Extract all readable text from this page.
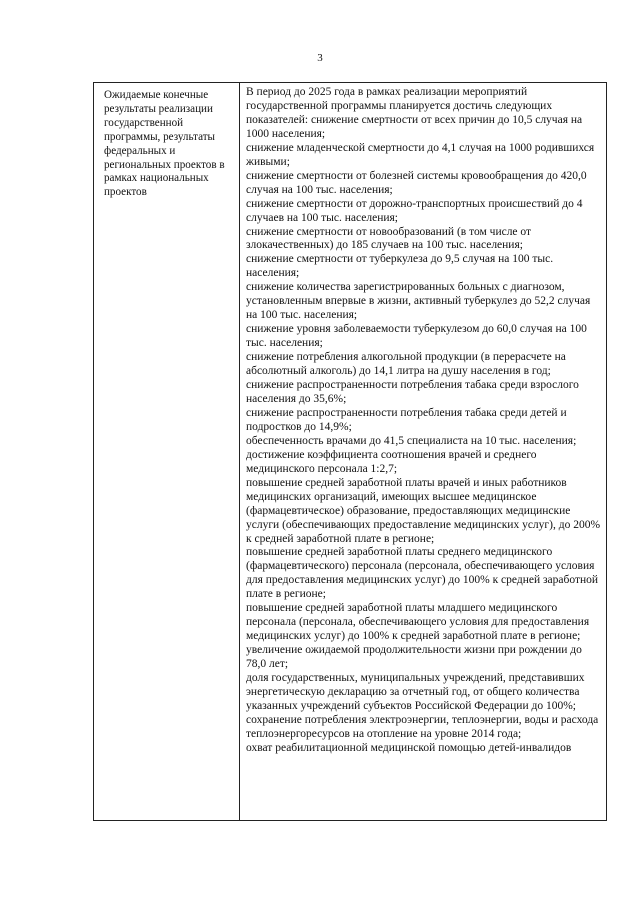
3
Ожидаемые конечные результаты реализации государственной программы, результаты федеральных и региональных проектов в рамках национальных проектов

В период до 2025 года в рамках реализации мероприятий государственной программы планируется достичь следующих показателей: снижение смертности от всех причин до 10,5 случая на 1000 населения;

снижение младенческой смертности до 4,1 случая на 1000 родившихся живыми;

снижение смертности от болезней системы кровообращения до 420,0 случая на 100 тыс. населения;

снижение смертности от дорожно-транспортных происшествий до 4 случаев на 100 тыс. населения;

снижение смертности от новообразований (в том числе от злокачественных) до 185 случаев на 100 тыс. населения;

снижение смертности от туберкулеза до 9,5 случая на 100 тыс. населения;

снижение количества зарегистрированных больных с диагнозом, установленным впервые в жизни, активный туберкулез до 52,2 случая на 100 тыс. населения;

снижение уровня заболеваемости туберкулезом до 60,0 случая на 100 тыс. населения;

снижение потребления алкогольной продукции (в перерасчете на абсолютный алкоголь) до 14,1 литра на душу населения в год;

снижение распространенности потребления табака среди взрослого населения до 35,6%;

снижение распространенности потребления табака среди детей и подростков до 14,9%;

обеспеченность врачами до 41,5 специалиста на 10 тыс. населения;

достижение коэффициента соотношения врачей и среднего медицинского персонала 1:2,7;

повышение средней заработной платы врачей и иных работников медицинских организаций, имеющих высшее медицинское (фармацевтическое) образование, предоставляющих медицинские услуги (обеспечивающих предоставление медицинских услуг), до 200% к средней заработной плате в регионе;

повышение средней заработной платы среднего медицинского (фармацевтического) персонала (персонала, обеспечивающего условия для предоставления медицинских услуг) до 100% к средней заработной плате в регионе;

повышение средней заработной платы младшего медицинского персонала (персонала, обеспечивающего условия для предоставления медицинских услуг) до 100% к средней заработной плате в регионе;

увеличение ожидаемой продолжительности жизни при рождении до 78,0 лет;

доля государственных, муниципальных учреждений, представивших энергетическую декларацию за отчетный год, от общего количества указанных учреждений субъектов Российской Федерации до 100%;

сохранение потребления электроэнергии, теплоэнергии, воды и расхода теплоэнергоресурсов на отопление на уровне 2014 года;

охват реабилитационной медицинской помощью детей-инвалидов
